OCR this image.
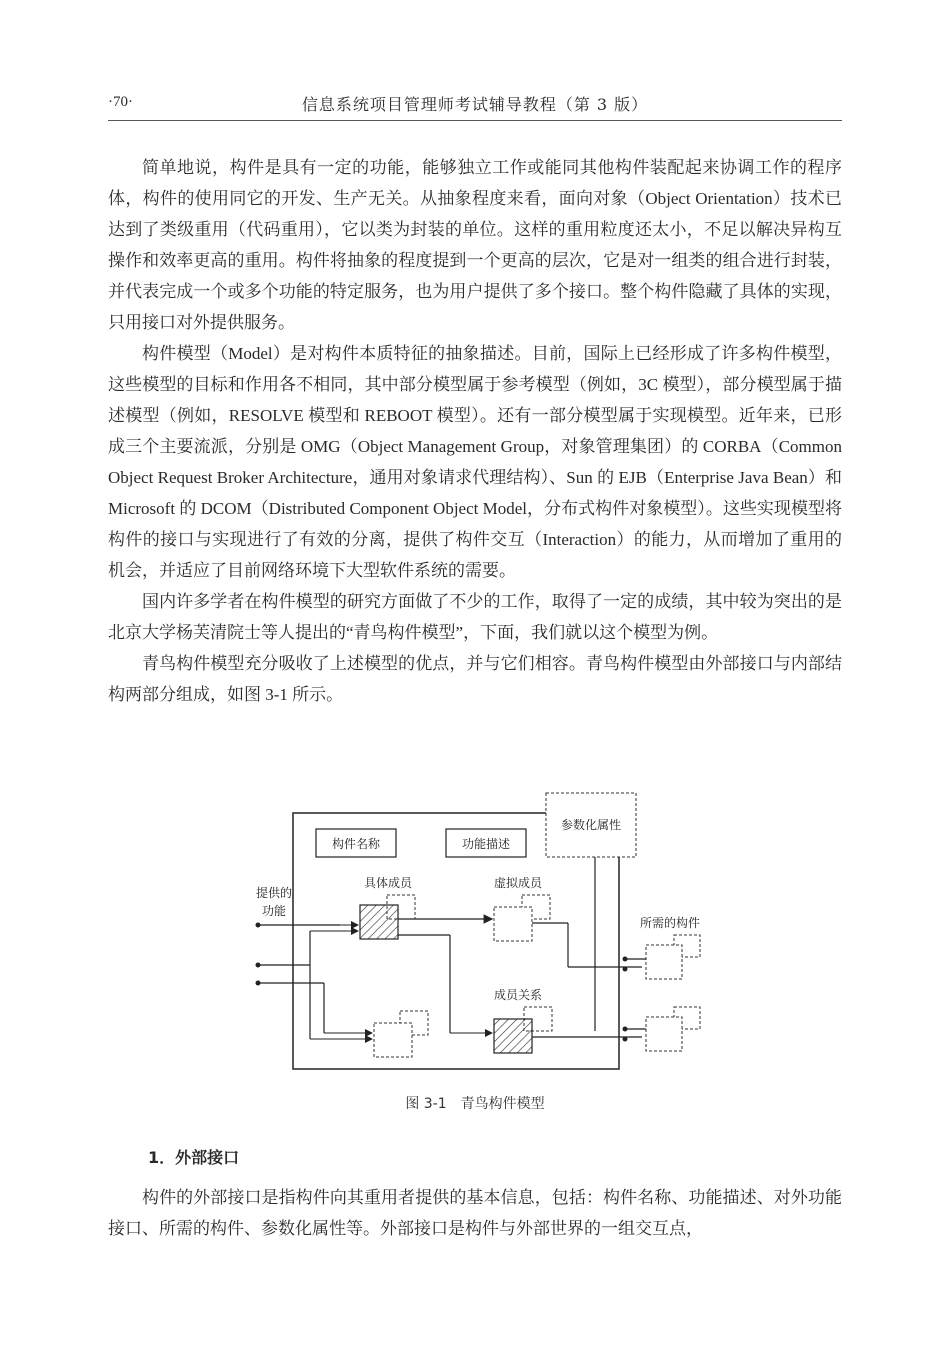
·70·	信息系统项目管理师考试辅导教程（第 3 版）

简单地说，构件是具有一定的功能，能够独立工作或能同其他构件装配起来协调工作的程序体，构件的使用同它的开发、生产无关。从抽象程度来看，面向对象（Object Orientation）技术已达到了类级重用（代码重用），它以类为封装的单位。这样的重用粒度还太小，不足以解决异构互操作和效率更高的重用。构件将抽象的程度提到一个更高的层次，它是对一组类的组合进行封装，并代表完成一个或多个功能的特定服务，也为用户提供了多个接口。整个构件隐藏了具体的实现，只用接口对外提供服务。

构件模型（Model）是对构件本质特征的抽象描述。目前，国际上已经形成了许多构件模型，这些模型的目标和作用各不相同，其中部分模型属于参考模型（例如，3C 模型），部分模型属于描述模型（例如，RESOLVE 模型和 REBOOT 模型）。还有一部分模型属于实现模型。近年来，已形成三个主要流派，分别是 OMG（Object Management Group，对象管理集团）的 CORBA（Common Object Request Broker Architecture，通用对象请求代理结构）、Sun 的 EJB（Enterprise Java Bean）和 Microsoft 的 DCOM（Distributed Component Object Model，分布式构件对象模型）。这些实现模型将构件的接口与实现进行了有效的分离，提供了构件交互（Interaction）的能力，从而增加了重用的机会，并适应了目前网络环境下大型软件系统的需要。

国内许多学者在构件模型的研究方面做了不少的工作，取得了一定的成绩，其中较为突出的是北京大学杨芙清院士等人提出的“青鸟构件模型”，下面，我们就以这个模型为例。

青鸟构件模型充分吸收了上述模型的优点，并与它们相容。青鸟构件模型由外部接口与内部结构两部分组成，如图 3-1 所示。

参数化属性
构件名称	功能描述
提供的
功能
具体成员	虚拟成员
成员关系
所需的构件
图 3-1　青鸟构件模型
1．外部接口

构件的外部接口是指构件向其重用者提供的基本信息，包括：构件名称、功能描述、对外功能接口、所需的构件、参数化属性等。外部接口是构件与外部世界的一组交互点，
